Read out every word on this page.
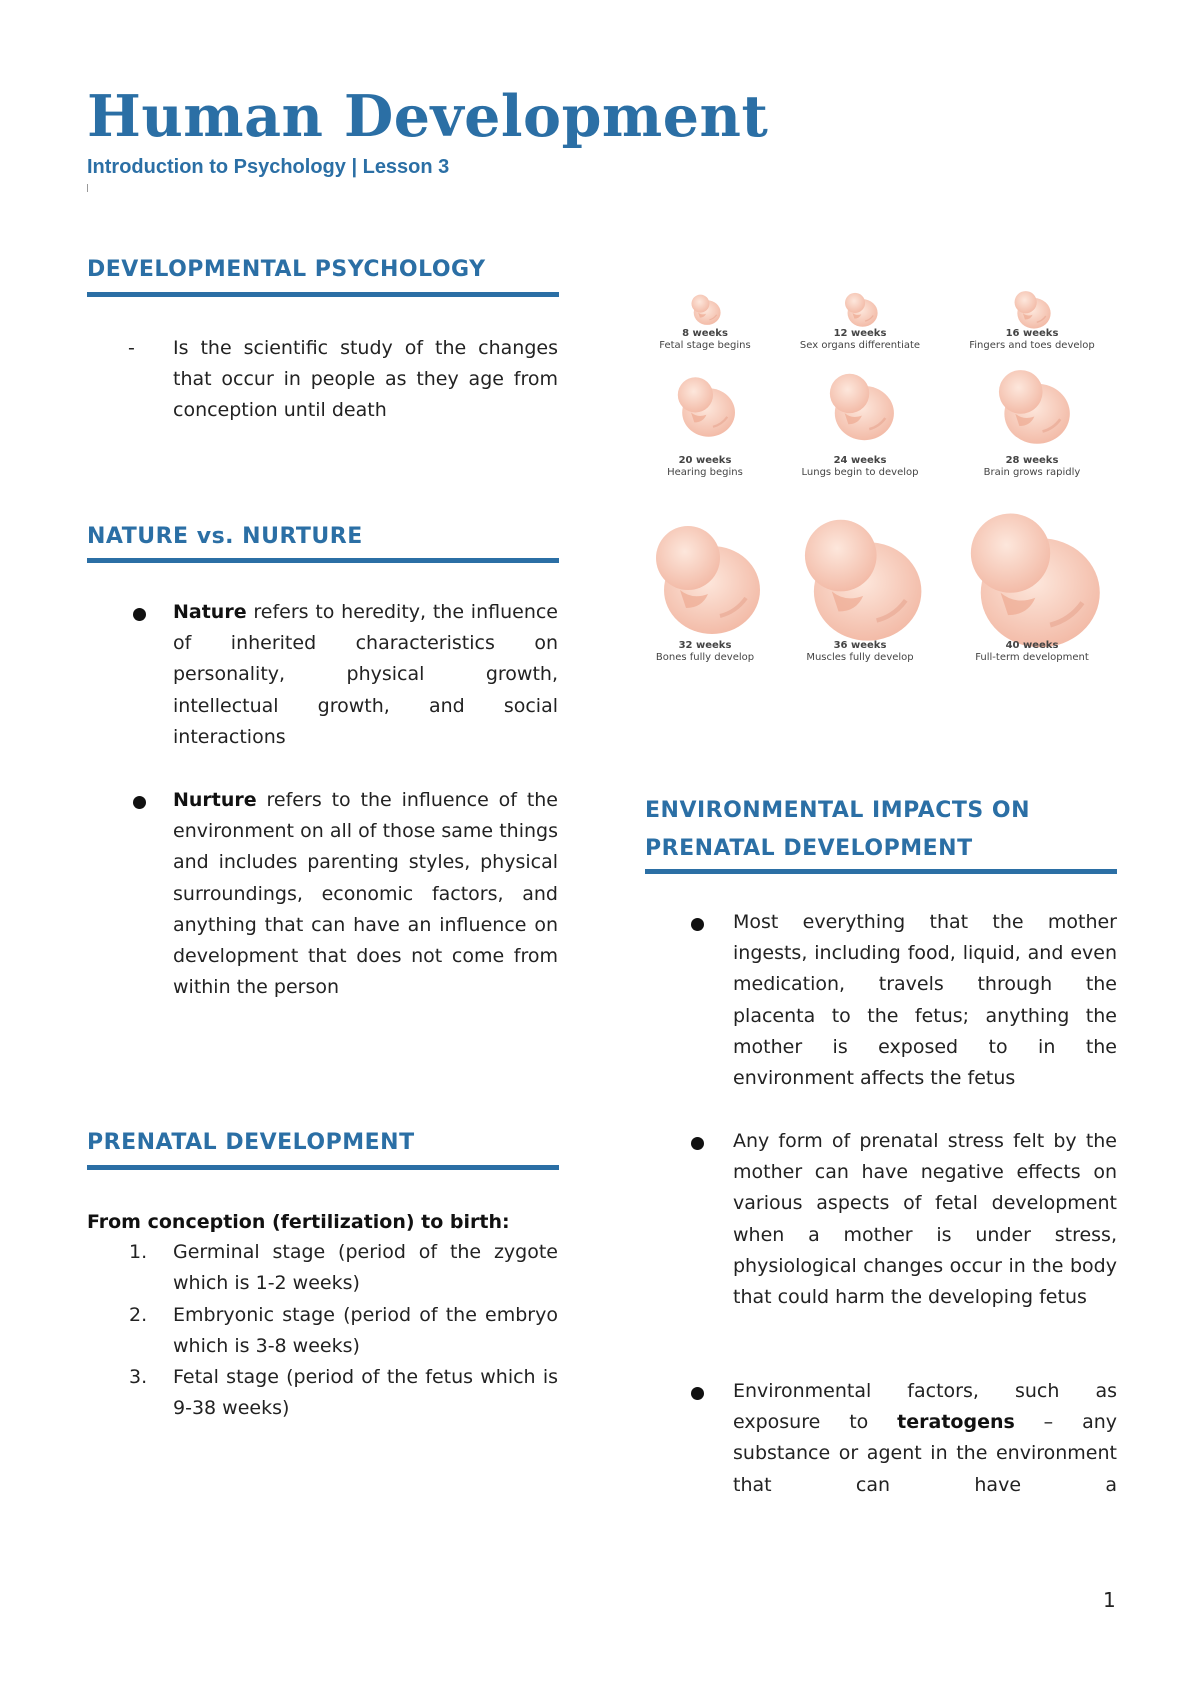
Human Development

Introduction to Psychology | Lesson 3

DEVELOPMENTAL PSYCHOLOGY
- Is the scientific study of the changes that occur in people as they age from conception until death

NATURE vs. NURTURE

Nature refers to heredity, the influence of inherited characteristics on personality, physical growth, intellectual growth, and social interactions

Nurture refers to the influence of the environment on all of those same things and includes parenting styles, physical surroundings, economic factors, and anything that can have an influence on development that does not come from within the person

PRENATAL DEVELOPMENT

From conception (fertilization) to birth:

1. Germinal stage (period of the zygote which is 1-2 weeks)

2. Embryonic stage (period of the embryo which is 3-8 weeks)

3. Fetal stage (period of the fetus which is 9-38 weeks)

8 weeks
Fetal stage begins
12 weeks
Sex organs differentiate
16 weeks
Fingers and toes develop
20 weeks
Hearing begins
24 weeks
Lungs begin to develop
28 weeks
Brain grows rapidly
32 weeks
Bones fully develop
36 weeks
Muscles fully develop
40 weeks
Full-term development
ENVIRONMENTAL IMPACTS ON
PRENATAL DEVELOPMENT

Most everything that the mother ingests, including food, liquid, and even medication, travels through the placenta to the fetus; anything the mother is exposed to in the environment affects the fetus

Any form of prenatal stress felt by the mother can have negative effects on various aspects of fetal development when a mother is under stress, physiological changes occur in the body that could harm the developing fetus

Environmental factors, such as exposure to teratogens – any substance or agent in the environment that can have a

1
